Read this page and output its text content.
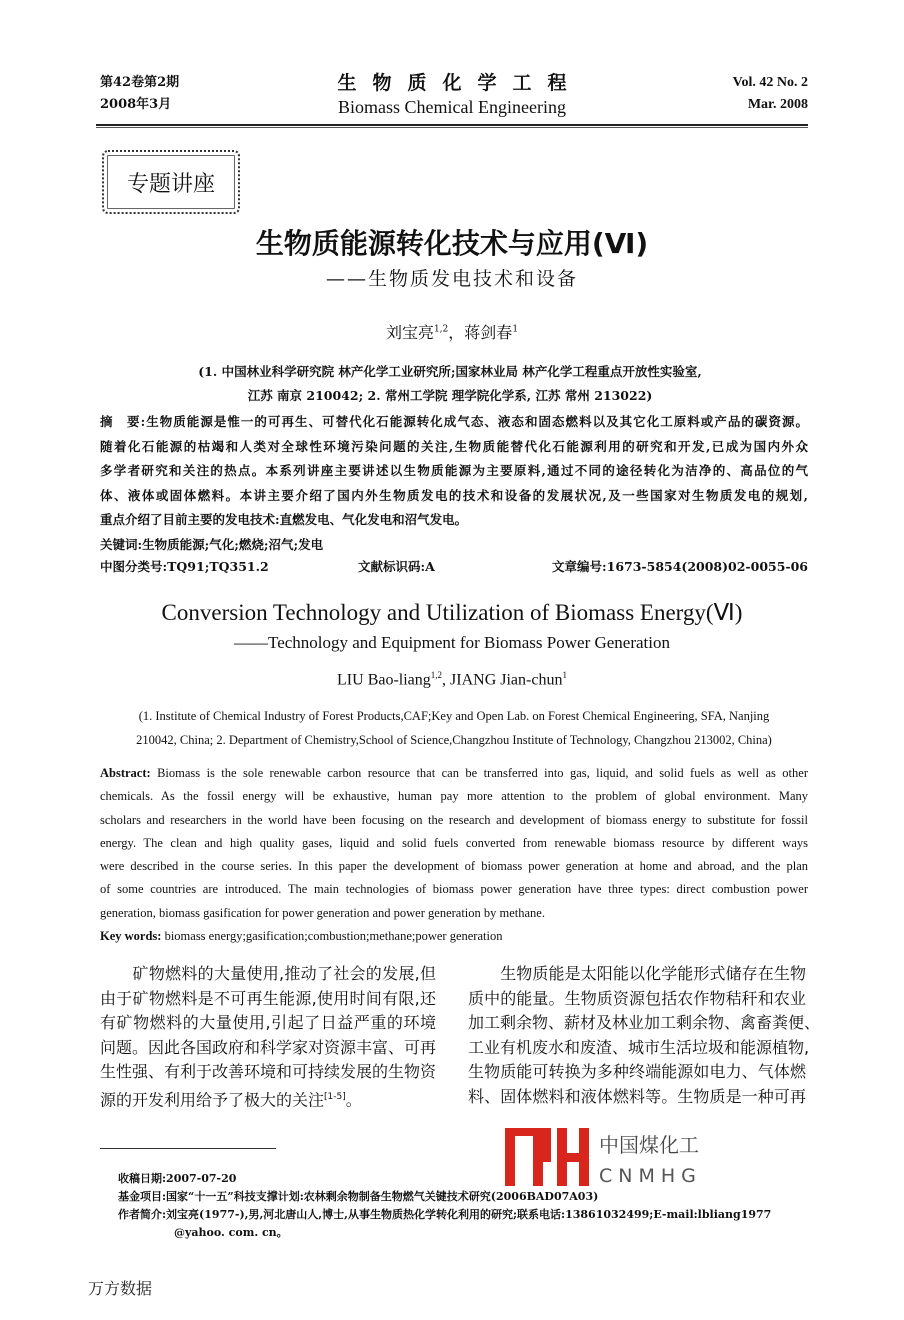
第42卷第2期
2008年3月
生物质化学工程
Biomass Chemical Engineering
Vol. 42 No. 2
Mar. 2008
专题讲座
生物质能源转化技术与应用(Ⅵ)
——生物质发电技术和设备
刘宝亮$^{1,2}$，蒋剑春$^1$
(1. 中国林业科学研究院 林产化学工业研究所;国家林业局 林产化学工程重点开放性实验室,
江苏 南京 210042; 2. 常州工学院 理学院化学系, 江苏 常州 213022)
摘　要:生物质能源是惟一的可再生、可替代化石能源转化成气态、液态和固态燃料以及其它化工原料或产品的碳资源。
随着化石能源的枯竭和人类对全球性环境污染问题的关注,生物质能替代化石能源利用的研究和开发,已成为国内外众
多学者研究和关注的热点。本系列讲座主要讲述以生物质能源为主要原料,通过不同的途径转化为洁净的、高品位的气
体、液体或固体燃料。本讲主要介绍了国内外生物质发电的技术和设备的发展状况,及一些国家对生物质发电的规划,
重点介绍了目前主要的发电技术:直燃发电、气化发电和沼气发电。
关键词:生物质能源;气化;燃烧;沼气;发电
中图分类号:TQ91;TQ351.2	文献标识码:A	文章编号:1673-5854(2008)02-0055-06
Conversion Technology and Utilization of Biomass Energy(Ⅵ)
——Technology and Equipment for Biomass Power Generation
LIU Bao-liang$^{1,2}$, JIANG Jian-chun$^1$
(1. Institute of Chemical Industry of Forest Products,CAF;Key and Open Lab. on Forest Chemical Engineering, SFA, Nanjing
210042, China; 2. Department of Chemistry,School of Science,Changzhou Institute of Technology, Changzhou 213002, China)
Abstract: Biomass is the sole renewable carbon resource that can be transferred into gas, liquid, and solid fuels as well as other
chemicals. As the fossil energy will be exhaustive, human pay more attention to the problem of global environment. Many
scholars and researchers in the world have been focusing on the research and development of biomass energy to substitute for fossil
energy. The clean and high quality gases, liquid and solid fuels converted from renewable biomass resource by different ways
were described in the course series. In this paper the development of biomass power generation at home and abroad, and the plan
of some countries are introduced. The main technologies of biomass power generation have three types: direct combustion power
generation, biomass gasification for power generation and power generation by methane.
Key words: biomass energy;gasification;combustion;methane;power generation
　　矿物燃料的大量使用,推动了社会的发展,但
由于矿物燃料是不可再生能源,使用时间有限,还
有矿物燃料的大量使用,引起了日益严重的环境
问题。因此各国政府和科学家对资源丰富、可再
生性强、有利于改善环境和可持续发展的生物资
源的开发利用给予了极大的关注[1-5]。
　　生物质能是太阳能以化学能形式储存在生物
质中的能量。生物质资源包括农作物秸秆和农业
加工剩余物、薪材及林业加工剩余物、禽畜粪便、
工业有机废水和废渣、城市生活垃圾和能源植物,
生物质能可转换为多种终端能源如电力、气体燃
料、固体燃料和液体燃料等。生物质是一种可再
中国煤化工
CNMHG
收稿日期:2007-07-20
基金项目:国家“十一五”科技支撑计划:农林剩余物制备生物燃气关键技术研究(2006BAD07A03)
作者简介:刘宝亮(1977-),男,河北唐山人,博士,从事生物质热化学转化利用的研究;联系电话:13861032499;E-mail:lbliang1977
@yahoo. com. cn。
万方数据
